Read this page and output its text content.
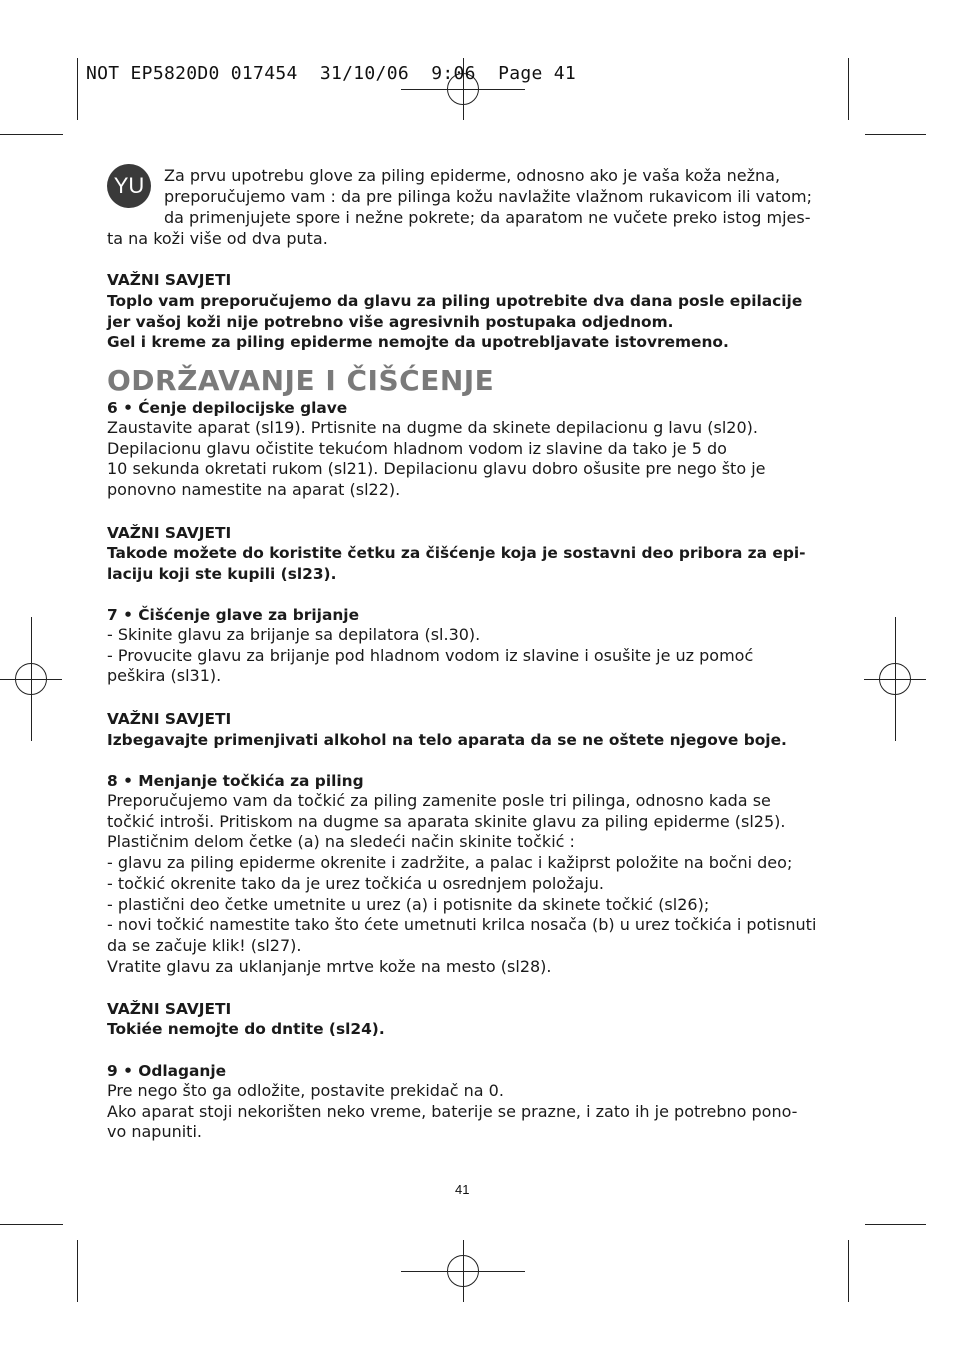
NOT EP5820D0 017454  31/10/06  9:06  Page 41
YU	Za prvu upotrebu glove za piling epiderme, odnosno ako je vaša koža nežna,

preporučujemo vam : da pre pilinga kožu navlažite vlažnom rukavicom ili vatom;

da primenjujete spore i nežne pokrete; da aparatom ne vučete preko istog mjes-

ta na koži više od dva puta.

VAŽNI SAVJETI

Toplo vam preporučujemo da glavu za piling upotrebite dva dana posle epilacije
jer vašoj koži nije potrebno više agresivnih postupaka odjednom.
Gel i kreme za piling epiderme nemojte da upotrebljavate istovremeno.

ODRŽAVANJE I ČIŠĆENJE

6 • Ćenje depilocijske glave

Zaustavite aparat (sl19). Prtisnite na dugme da skinete depilacionu g lavu (sl20).
Depilacionu glavu očistite tekućom hladnom vodom iz slavine da tako je 5 do
10 sekunda okretati rukom (sl21). Depilacionu glavu dobro ošusite pre nego što je
ponovno namestite na aparat (sl22).

VAŽNI SAVJETI

Takode možete do koristite četku za čišćenje koja je sostavni deo pribora za epi-
laciju koji ste kupili (sl23).

7 • Čišćenje glave za brijanje

- Skinite glavu za brijanje sa depilatora (sl.30).
- Provucite glavu za brijanje pod hladnom vodom iz slavine i osušite je uz pomoć
peškira (sl31).

VAŽNI SAVJETI

Izbegavajte primenjivati alkohol na telo aparata da se ne oštete njegove boje.

8 • Menjanje točkića za piling

Preporučujemo vam da točkić za piling zamenite posle tri pilinga, odnosno kada se
točkić introši. Pritiskom na dugme sa aparata skinite glavu za piling epiderme (sl25).
Plastičnim delom četke (a) na sledeći način skinite točkić :
- glavu za piling epiderme okrenite i zadržite, a palac i kažiprst položite na bočni deo;
- točkić okrenite tako da je urez točkića u osrednjem položaju.
- plastični deo četke umetnite u urez (a) i potisnite da skinete točkić (sl26);
- novi točkić namestite tako što ćete umetnuti krilca nosača (b) u urez točkića i potisnuti
da se začuje klik! (sl27).
Vratite glavu za uklanjanje mrtve kože na mesto (sl28).

VAŽNI SAVJETI

Tokiée nemojte do dntite (sl24).

9 • Odlaganje

Pre nego što ga odložite, postavite prekidač na 0.
Ako aparat stoji nekorišten neko vreme, baterije se prazne, i zato ih je potrebno pono-
vo napuniti.

41
